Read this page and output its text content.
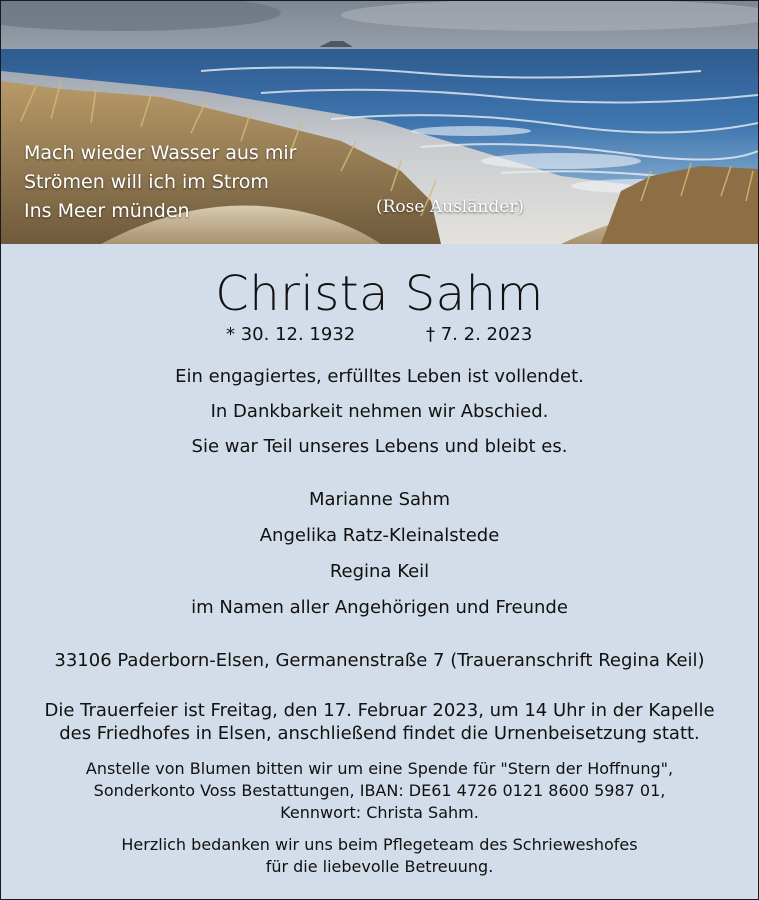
Mach wieder Wasser aus mir
Strömen will ich im Strom
Ins Meer münden	(Rose Ausländer)
Christa Sahm
* 30. 12. 1932	† 7. 2. 2023
Ein engagiertes, erfülltes Leben ist vollendet.
In Dankbarkeit nehmen wir Abschied.
Sie war Teil unseres Lebens und bleibt es.
Marianne Sahm
Angelika Ratz-Kleinalstede
Regina Keil
im Namen aller Angehörigen und Freunde
33106 Paderborn-Elsen, Germanenstraße 7 (Traueranschrift Regina Keil)
Die Trauerfeier ist Freitag, den 17. Februar 2023, um 14 Uhr in der Kapelle
des Friedhofes in Elsen, anschließend findet die Urnenbeisetzung statt.
Anstelle von Blumen bitten wir um eine Spende für "Stern der Hoffnung",
Sonderkonto Voss Bestattungen, IBAN: DE61 4726 0121 8600 5987 01,
Kennwort: Christa Sahm.
Herzlich bedanken wir uns beim Pflegeteam des Schrieweshofes
für die liebevolle Betreuung.
